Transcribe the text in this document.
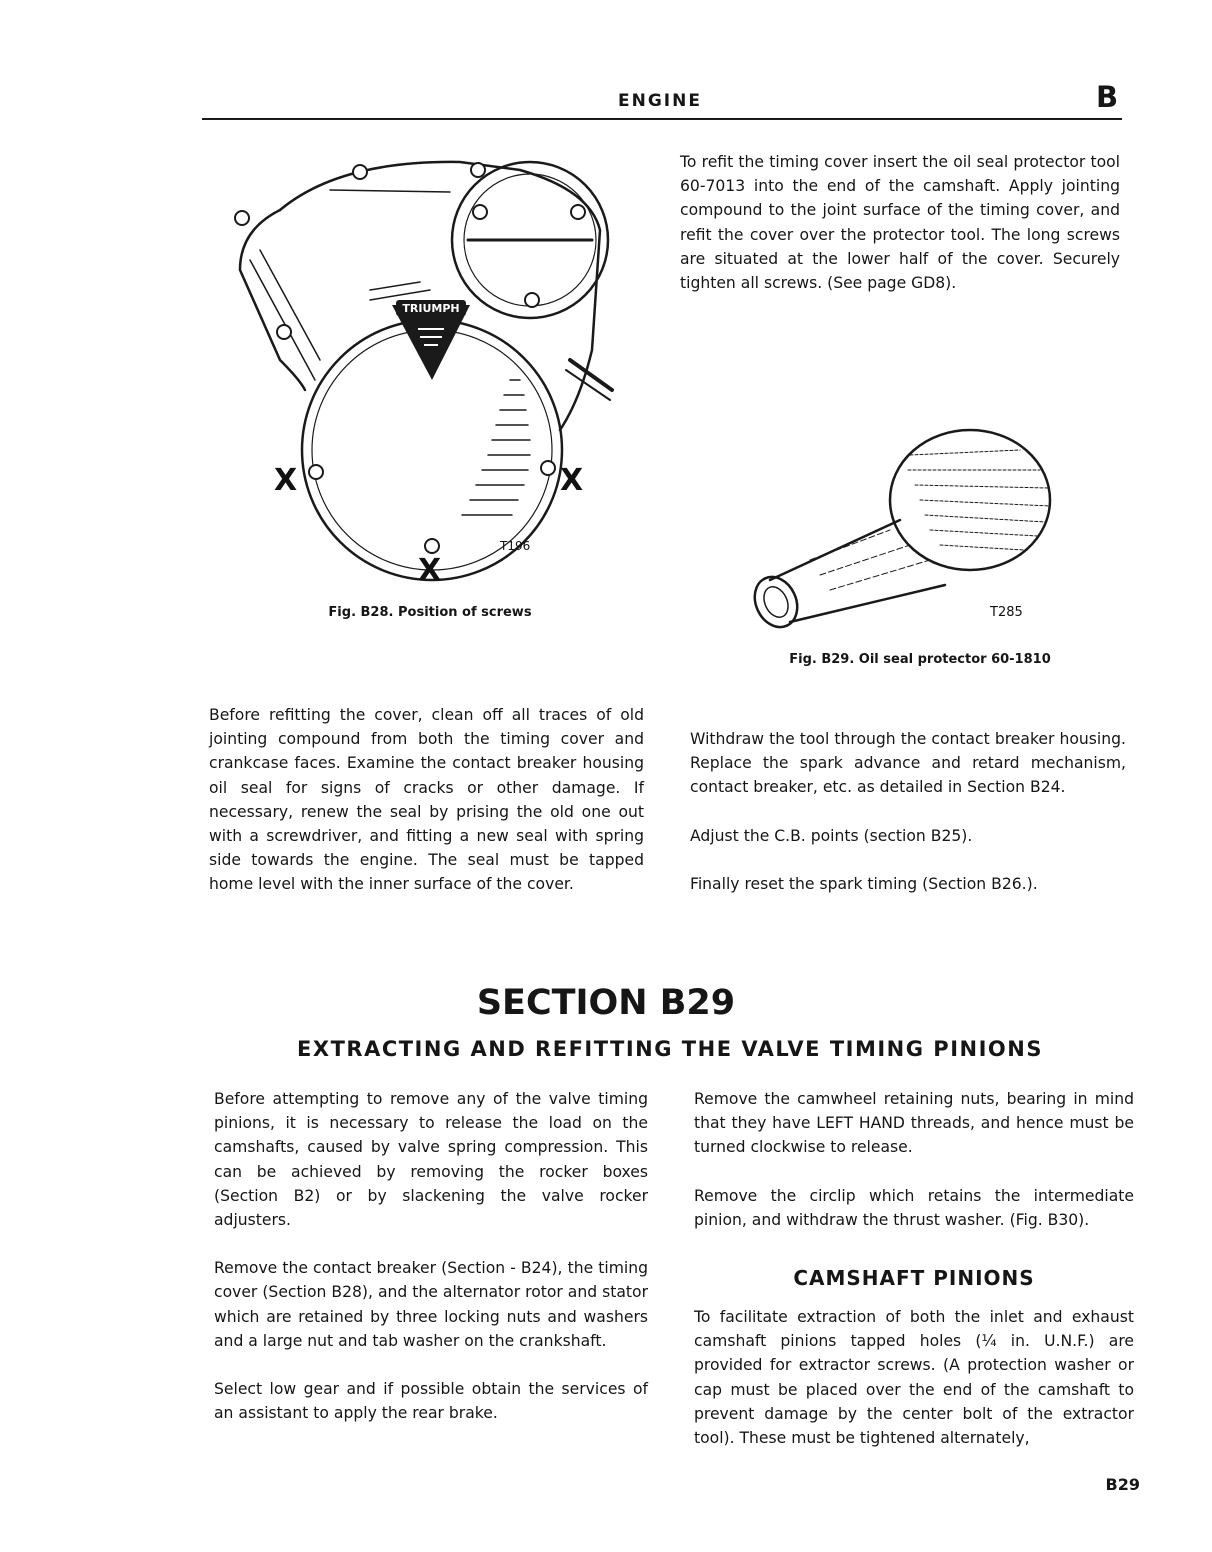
ENGINE	B
TRIUMPH
X	X
X
T196
Fig. B28. Position of screws

To refit the timing cover insert the oil seal protector tool 60-7013 into the end of the camshaft. Apply jointing compound to the joint surface of the timing cover, and refit the cover over the protector tool. The long screws are situated at the lower half of the cover. Securely tighten all screws. (See page GD8).

T285
Fig. B29. Oil seal protector 60-1810

Before refitting the cover, clean off all traces of old jointing compound from both the timing cover and crankcase faces. Examine the contact breaker housing oil seal for signs of cracks or other damage. If necessary, renew the seal by prising the old one out with a screwdriver, and fitting a new seal with spring side towards the engine. The seal must be tapped home level with the inner surface of the cover.

Withdraw the tool through the contact breaker housing. Replace the spark advance and retard mechanism, contact breaker, etc. as detailed in Section B24.

Adjust the C.B. points (section B25).

Finally reset the spark timing (Section B26.).

SECTION B29
EXTRACTING AND REFITTING THE VALVE TIMING PINIONS

Before attempting to remove any of the valve timing pinions, it is necessary to release the load on the camshafts, caused by valve spring compression. This can be achieved by removing the rocker boxes (Section B2) or by slackening the valve rocker adjusters.

Remove the contact breaker (Section - B24), the timing cover (Section B28), and the alternator rotor and stator which are retained by three locking nuts and washers and a large nut and tab washer on the crankshaft.

Select low gear and if possible obtain the services of an assistant to apply the rear brake.

Remove the camwheel retaining nuts, bearing in mind that they have LEFT HAND threads, and hence must be turned clockwise to release.

Remove the circlip which retains the intermediate pinion, and withdraw the thrust washer. (Fig. B30).

CAMSHAFT PINIONS

To facilitate extraction of both the inlet and exhaust camshaft pinions tapped holes (¼ in. U.N.F.) are provided for extractor screws. (A protection washer or cap must be placed over the end of the camshaft to prevent damage by the center bolt of the extractor tool). These must be tightened alternately,

B29
